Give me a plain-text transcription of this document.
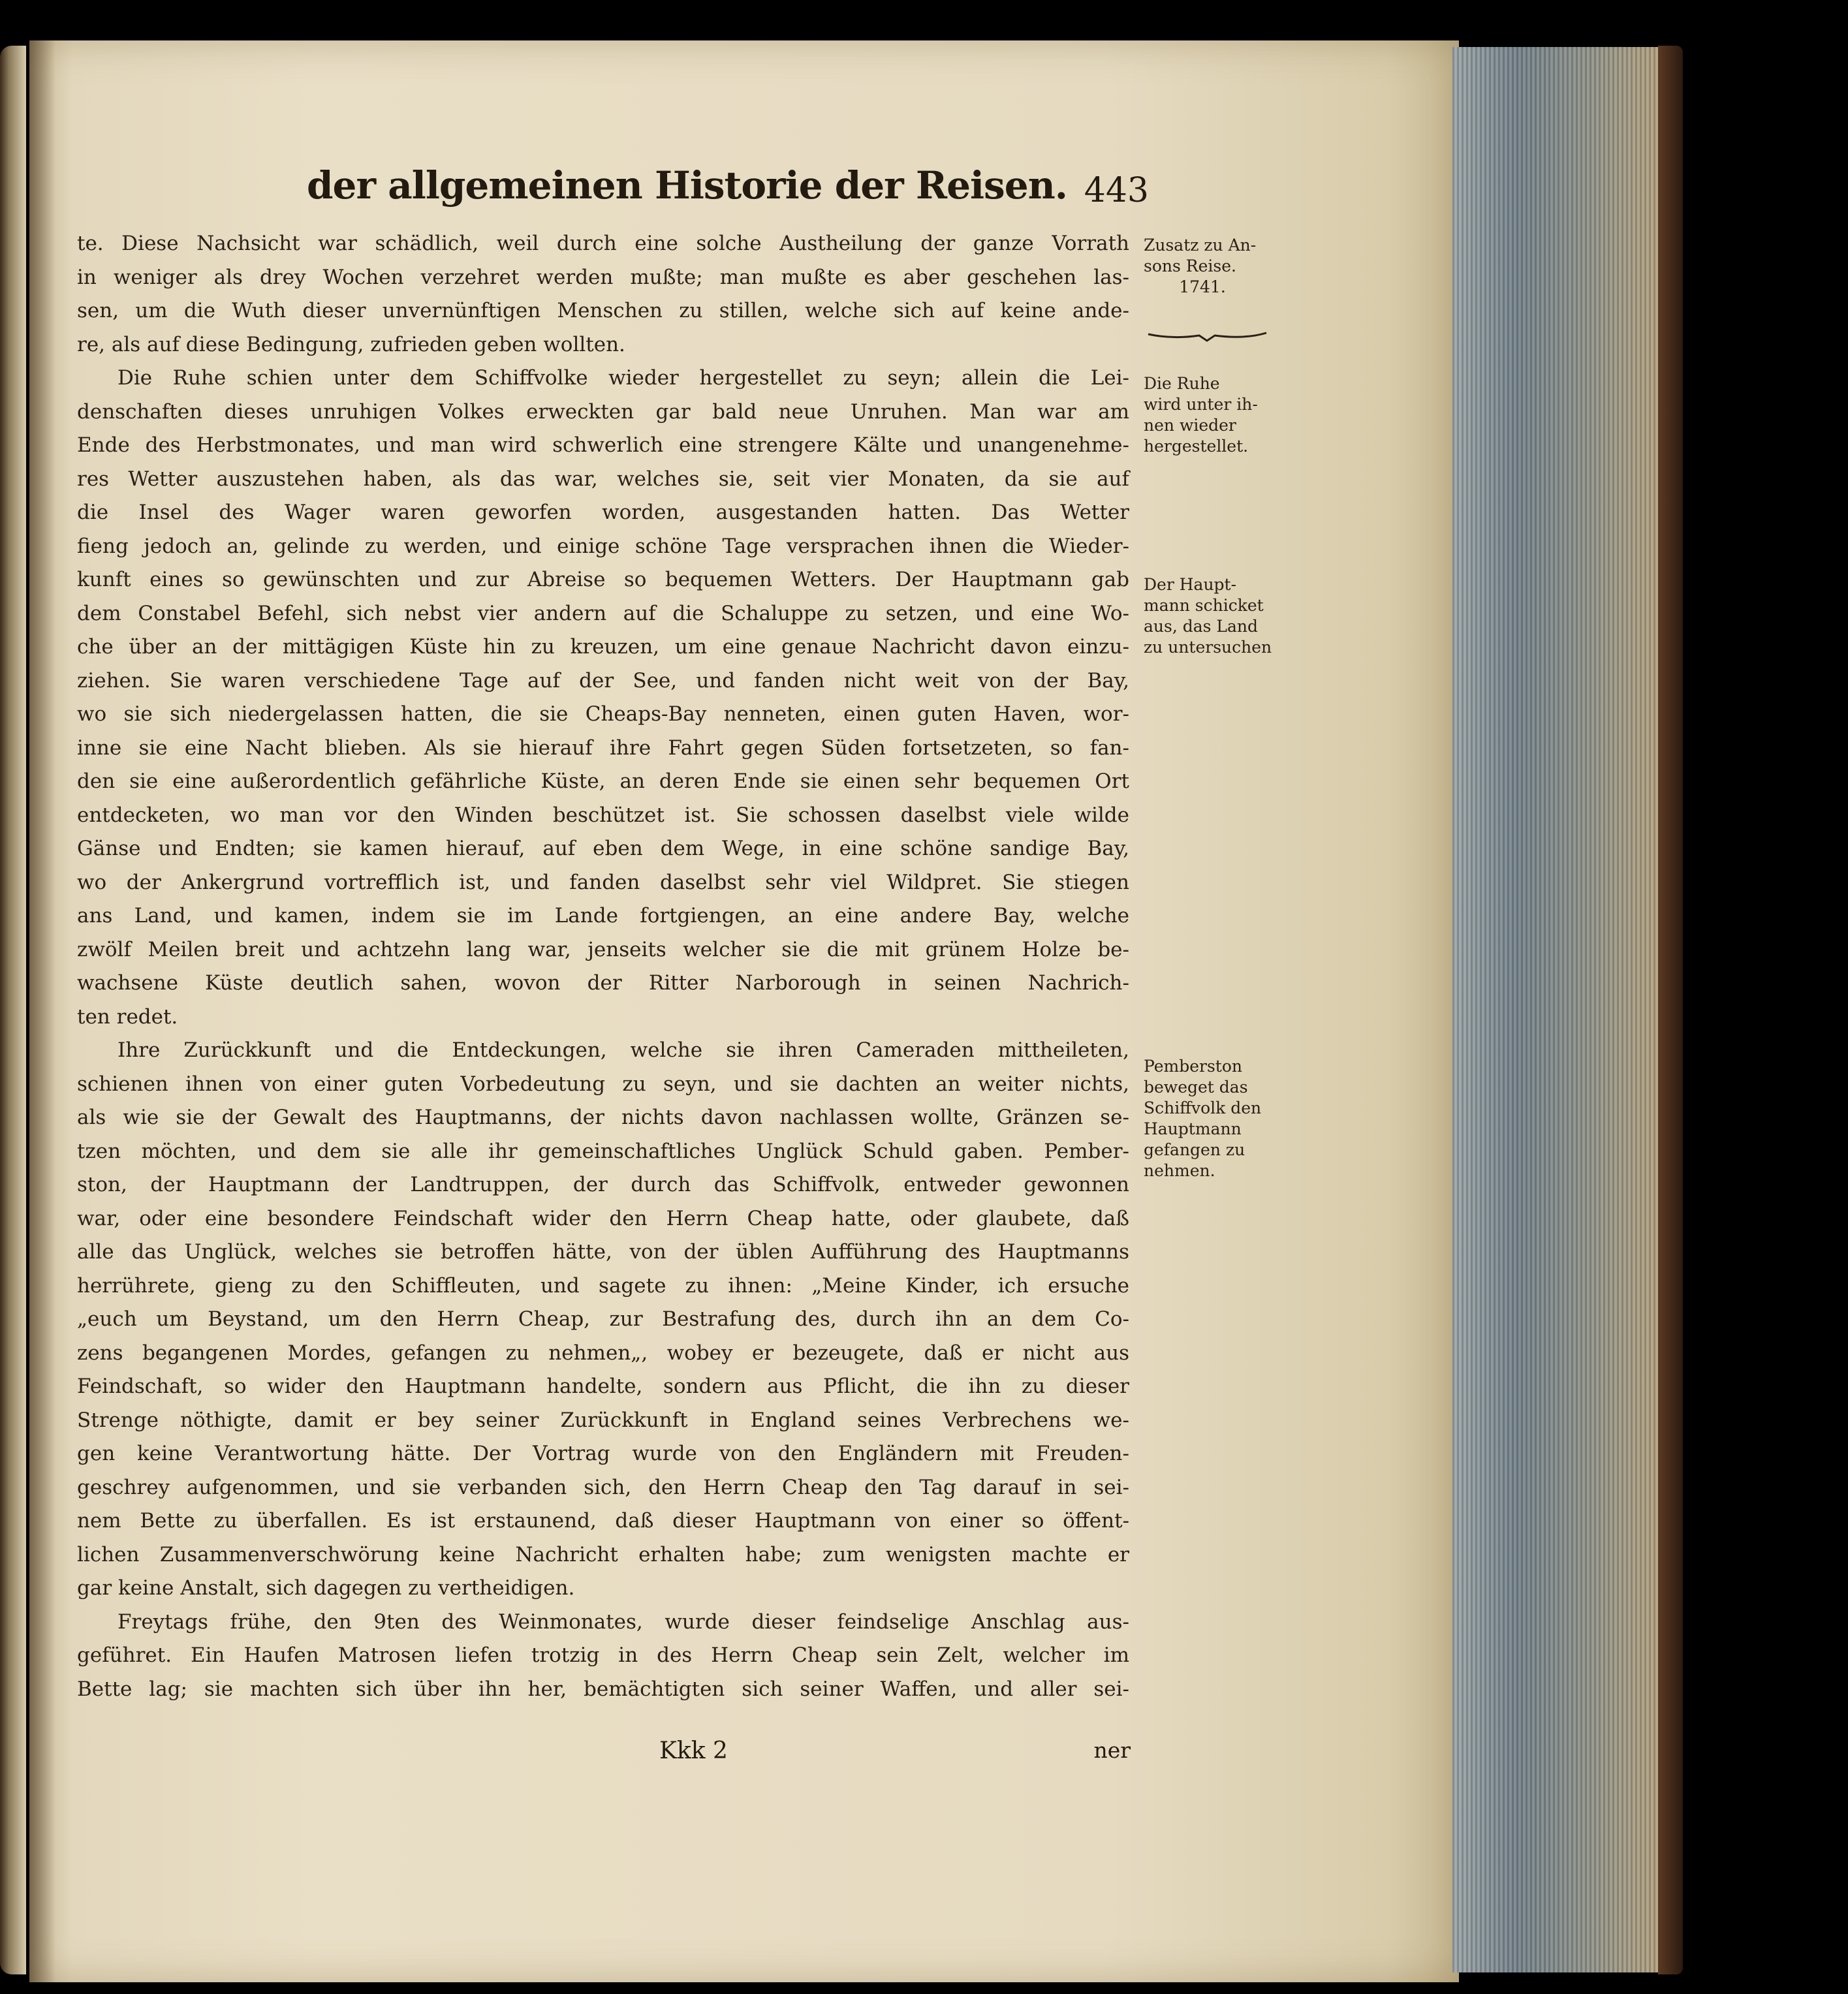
der allgemeinen Historie der Reisen. 443
te. Diese Nachsicht war schädlich, weil durch eine solche Austheilung der ganze Vorrath
in weniger als drey Wochen verzehret werden mußte; man mußte es aber geschehen las-
sen, um die Wuth dieser unvernünftigen Menschen zu stillen, welche sich auf keine ande-
re, als auf diese Bedingung, zufrieden geben wollten.
Die Ruhe schien unter dem Schiffvolke wieder hergestellet zu seyn; allein die Lei-
denschaften dieses unruhigen Volkes erweckten gar bald neue Unruhen. Man war am
Ende des Herbstmonates, und man wird schwerlich eine strengere Kälte und unangenehme-
res Wetter auszustehen haben, als das war, welches sie, seit vier Monaten, da sie auf
die Insel des Wager waren geworfen worden, ausgestanden hatten. Das Wetter
fieng jedoch an, gelinde zu werden, und einige schöne Tage versprachen ihnen die Wieder-
kunft eines so gewünschten und zur Abreise so bequemen Wetters. Der Hauptmann gab
dem Constabel Befehl, sich nebst vier andern auf die Schaluppe zu setzen, und eine Wo-
che über an der mittägigen Küste hin zu kreuzen, um eine genaue Nachricht davon einzu-
ziehen. Sie waren verschiedene Tage auf der See, und fanden nicht weit von der Bay,
wo sie sich niedergelassen hatten, die sie Cheaps-Bay nenneten, einen guten Haven, wor-
inne sie eine Nacht blieben. Als sie hierauf ihre Fahrt gegen Süden fortsetzeten, so fan-
den sie eine außerordentlich gefährliche Küste, an deren Ende sie einen sehr bequemen Ort
entdecketen, wo man vor den Winden beschützet ist. Sie schossen daselbst viele wilde
Gänse und Endten; sie kamen hierauf, auf eben dem Wege, in eine schöne sandige Bay,
wo der Ankergrund vortrefflich ist, und fanden daselbst sehr viel Wildpret. Sie stiegen
ans Land, und kamen, indem sie im Lande fortgiengen, an eine andere Bay, welche
zwölf Meilen breit und achtzehn lang war, jenseits welcher sie die mit grünem Holze be-
wachsene Küste deutlich sahen, wovon der Ritter Narborough in seinen Nachrich-
ten redet.
Ihre Zurückkunft und die Entdeckungen, welche sie ihren Cameraden mittheileten,
schienen ihnen von einer guten Vorbedeutung zu seyn, und sie dachten an weiter nichts,
als wie sie der Gewalt des Hauptmanns, der nichts davon nachlassen wollte, Gränzen se-
tzen möchten, und dem sie alle ihr gemeinschaftliches Unglück Schuld gaben. Pember-
ston, der Hauptmann der Landtruppen, der durch das Schiffvolk, entweder gewonnen
war, oder eine besondere Feindschaft wider den Herrn Cheap hatte, oder glaubete, daß
alle das Unglück, welches sie betroffen hätte, von der üblen Aufführung des Hauptmanns
herrührete, gieng zu den Schiffleuten, und sagete zu ihnen: „Meine Kinder, ich ersuche
„euch um Beystand, um den Herrn Cheap, zur Bestrafung des, durch ihn an dem Co-
zens begangenen Mordes, gefangen zu nehmen„, wobey er bezeugete, daß er nicht aus
Feindschaft, so wider den Hauptmann handelte, sondern aus Pflicht, die ihn zu dieser
Strenge nöthigte, damit er bey seiner Zurückkunft in England seines Verbrechens we-
gen keine Verantwortung hätte. Der Vortrag wurde von den Engländern mit Freuden-
geschrey aufgenommen, und sie verbanden sich, den Herrn Cheap den Tag darauf in sei-
nem Bette zu überfallen. Es ist erstaunend, daß dieser Hauptmann von einer so öffent-
lichen Zusammenverschwörung keine Nachricht erhalten habe; zum wenigsten machte er
gar keine Anstalt, sich dagegen zu vertheidigen.
Freytags frühe, den 9ten des Weinmonates, wurde dieser feindselige Anschlag aus-
geführet. Ein Haufen Matrosen liefen trotzig in des Herrn Cheap sein Zelt, welcher im
Bette lag; sie machten sich über ihn her, bemächtigten sich seiner Waffen, und aller sei-
Zusatz zu An-
sons Reise.
1741.
Die Ruhe
wird unter ih-
nen wieder
hergestellet.
Der Haupt-
mann schicket
aus, das Land
zu untersuchen
Pemberston
beweget das
Schiffvolk den
Hauptmann
gefangen zu
nehmen.
Kkk 2	ner
